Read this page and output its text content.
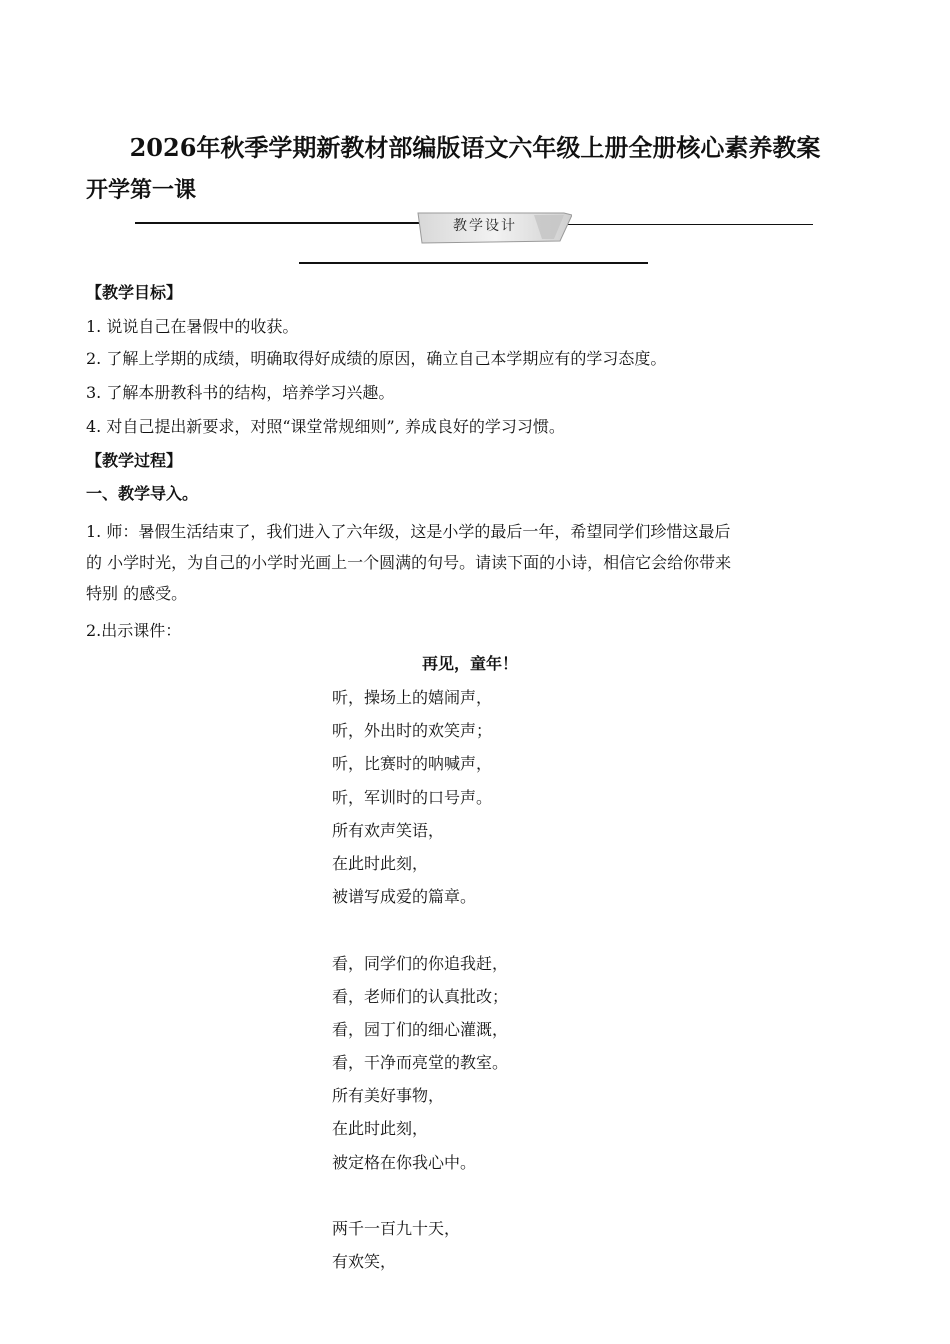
2026年秋季学期新教材部编版语文六年级上册全册核心素养教案
开学第一课
教学设计
【教学目标】
1. 说说自己在暑假中的收获。
2. 了解上学期的成绩，明确取得好成绩的原因，确立自己本学期应有的学习态度。
3. 了解本册教科书的结构，培养学习兴趣。
4. 对自己提出新要求，对照“课堂常规细则”, 养成良好的学习习惯。
【教学过程】
一、教学导入。

1. 师：暑假生活结束了，我们进入了六年级，这是小学的最后一年，希望同学们珍惜这最后

的 小学时光，为自己的小学时光画上一个圆满的句号。请读下面的小诗，相信它会给你带来

特别 的感受。

2.出示课件：
再见，童年！
听，操场上的嬉闹声，
听，外出时的欢笑声；
听，比赛时的呐喊声，
听，军训时的口号声。
所有欢声笑语，
在此时此刻，
被谱写成爱的篇章。
看，同学们的你追我赶，
看，老师们的认真批改；
看，园丁们的细心灌溉，
看，干净而亮堂的教室。
所有美好事物，
在此时此刻，
被定格在你我心中。
两千一百九十天，
有欢笑，
